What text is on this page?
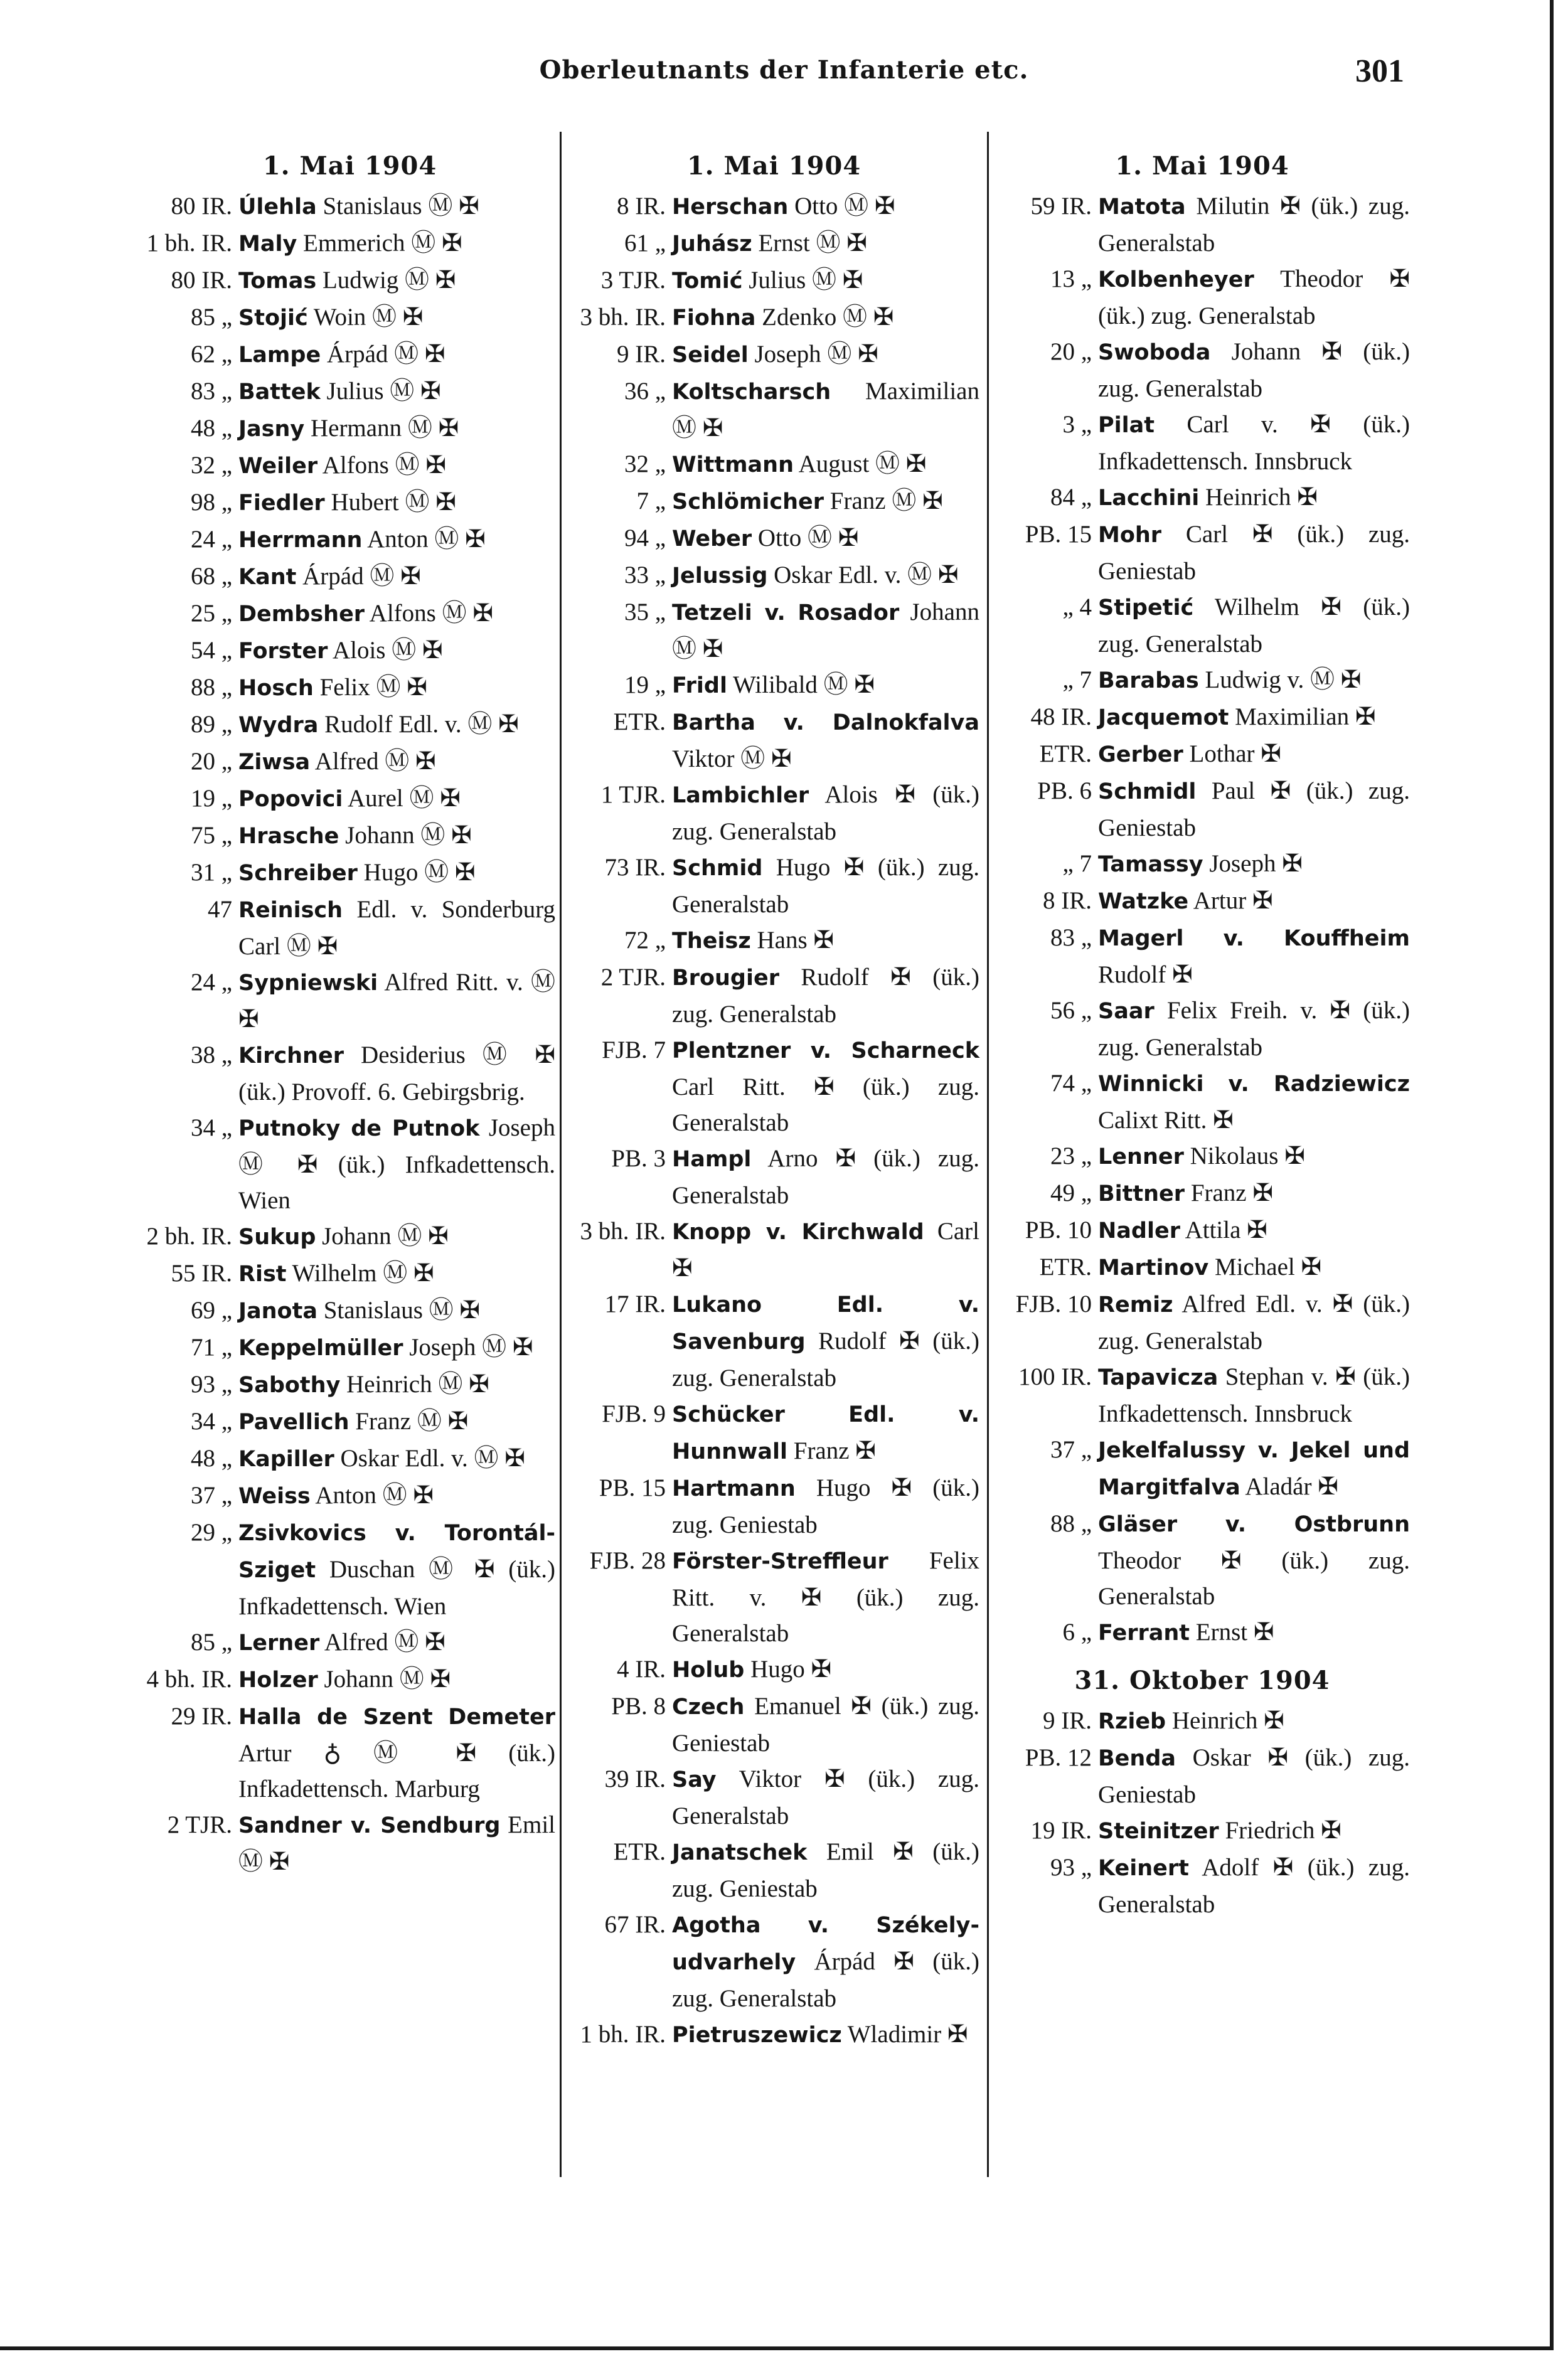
Oberleutnants der Infanterie etc.	301
1. Mai 1904
80 IR. Úlehla Stanislaus Ⓜ ✠
1 bh. IR. Maly Emmerich Ⓜ ✠
80 IR. Tomas Ludwig Ⓜ ✠
85 „ Stojić Woin Ⓜ ✠
62 „ Lampe Árpád Ⓜ ✠
83 „ Battek Julius Ⓜ ✠
48 „ Jasny Hermann Ⓜ ✠
32 „ Weiler Alfons Ⓜ ✠
98 „ Fiedler Hubert Ⓜ ✠
24 „ Herrmann Anton Ⓜ ✠
68 „ Kant Árpád Ⓜ ✠
25 „ Dembsher Alfons Ⓜ ✠
54 „ Forster Alois Ⓜ ✠
88 „ Hosch Felix Ⓜ ✠
89 „ Wydra Rudolf Edl. v. Ⓜ ✠
20 „ Ziwsa Alfred Ⓜ ✠
19 „ Popovici Aurel Ⓜ ✠
75 „ Hrasche Johann Ⓜ ✠
31 „ Schreiber Hugo Ⓜ ✠
47 Reinisch Edl. v. Sonderburg Carl Ⓜ ✠
24 „ Sypniewski Alfred Ritt. v. Ⓜ ✠
38 „ Kirchner Desiderius Ⓜ ✠ (ük.) Provoff. 6. Gebirgsbrig.
34 „ Putnoky de Putnok Joseph Ⓜ ✠ (ük.) Infkadettensch. Wien
2 bh. IR. Sukup Johann Ⓜ ✠
55 IR. Rist Wilhelm Ⓜ ✠
69 „ Janota Stanislaus Ⓜ ✠
71 „ Keppelmüller Joseph Ⓜ ✠
93 „ Sabothy Heinrich Ⓜ ✠
34 „ Pavellich Franz Ⓜ ✠
48 „ Kapiller Oskar Edl. v. Ⓜ ✠
37 „ Weiss Anton Ⓜ ✠
29 „ Zsivkovics v. Torontál-Sziget Duschan Ⓜ ✠ (ük.) Infkadettensch. Wien
85 „ Lerner Alfred Ⓜ ✠
4 bh. IR. Holzer Johann Ⓜ ✠
29 IR. Halla de Szent Demeter Artur ♁ Ⓜ ✠ (ük.) Infkadettensch. Marburg
2 TJR. Sandner v. Sendburg Emil Ⓜ ✠
1. Mai 1904
8 IR. Herschan Otto Ⓜ ✠
61 „ Juhász Ernst Ⓜ ✠
3 TJR. Tomić Julius Ⓜ ✠
3 bh. IR. Fiohna Zdenko Ⓜ ✠
9 IR. Seidel Joseph Ⓜ ✠
36 „ Koltscharsch Maximilian Ⓜ ✠
32 „ Wittmann August Ⓜ ✠
7 „ Schlömicher Franz Ⓜ ✠
94 „ Weber Otto Ⓜ ✠
33 „ Jelussig Oskar Edl. v. Ⓜ ✠
35 „ Tetzeli v. Rosador Johann Ⓜ ✠
19 „ Fridl Wilibald Ⓜ ✠
ETR. Bartha v. Dalnokfalva Viktor Ⓜ ✠
1 TJR. Lambichler Alois ✠ (ük.) zug. Generalstab
73 IR. Schmid Hugo ✠ (ük.) zug. Generalstab
72 „ Theisz Hans ✠
2 TJR. Brougier Rudolf ✠ (ük.) zug. Generalstab
FJB. 7 Plentzner v. Scharneck Carl Ritt. ✠ (ük.) zug. Generalstab
PB. 3 Hampl Arno ✠ (ük.) zug. Generalstab
3 bh. IR. Knopp v. Kirchwald Carl ✠
17 IR. Lukano Edl. v. Savenburg Rudolf ✠ (ük.) zug. Generalstab
FJB. 9 Schücker Edl. v. Hunnwall Franz ✠
PB. 15 Hartmann Hugo ✠ (ük.) zug. Geniestab
FJB. 28 Förster-Streffleur Felix Ritt. v. ✠ (ük.) zug. Generalstab
4 IR. Holub Hugo ✠
PB. 8 Czech Emanuel ✠ (ük.) zug. Geniestab
39 IR. Say Viktor ✠ (ük.) zug. Generalstab
ETR. Janatschek Emil ✠ (ük.) zug. Geniestab
67 IR. Agotha v. Székely-udvarhely Árpád ✠ (ük.) zug. Generalstab
1 bh. IR. Pietruszewicz Wladimir ✠
1. Mai 1904
59 IR. Matota Milutin ✠ (ük.) zug. Generalstab
13 „ Kolbenheyer Theodor ✠ (ük.) zug. Generalstab
20 „ Swoboda Johann ✠ (ük.) zug. Generalstab
3 „ Pilat Carl v. ✠ (ük.) Infkadettensch. Innsbruck
84 „ Lacchini Heinrich ✠
PB. 15 Mohr Carl ✠ (ük.) zug. Geniestab
„ 4 Stipetić Wilhelm ✠ (ük.) zug. Generalstab
„ 7 Barabas Ludwig v. Ⓜ ✠
48 IR. Jacquemot Maximilian ✠
ETR. Gerber Lothar ✠
PB. 6 Schmidl Paul ✠ (ük.) zug. Geniestab
„ 7 Tamassy Joseph ✠
8 IR. Watzke Artur ✠
83 „ Magerl v. Kouffheim Rudolf ✠
56 „ Saar Felix Freih. v. ✠ (ük.) zug. Generalstab
74 „ Winnicki v. Radziewicz Calixt Ritt. ✠
23 „ Lenner Nikolaus ✠
49 „ Bittner Franz ✠
PB. 10 Nadler Attila ✠
ETR. Martinov Michael ✠
FJB. 10 Remiz Alfred Edl. v. ✠ (ük.) zug. Generalstab
100 IR. Tapavicza Stephan v. ✠ (ük.) Infkadettensch. Innsbruck
37 „ Jekelfalussy v. Jekel und Margitfalva Aladár ✠
88 „ Gläser v. Ostbrunn Theodor ✠ (ük.) zug. Generalstab
6 „ Ferrant Ernst ✠
31. Oktober 1904
9 IR. Rzieb Heinrich ✠
PB. 12 Benda Oskar ✠ (ük.) zug. Geniestab
19 IR. Steinitzer Friedrich ✠
93 „ Keinert Adolf ✠ (ük.) zug. Generalstab
